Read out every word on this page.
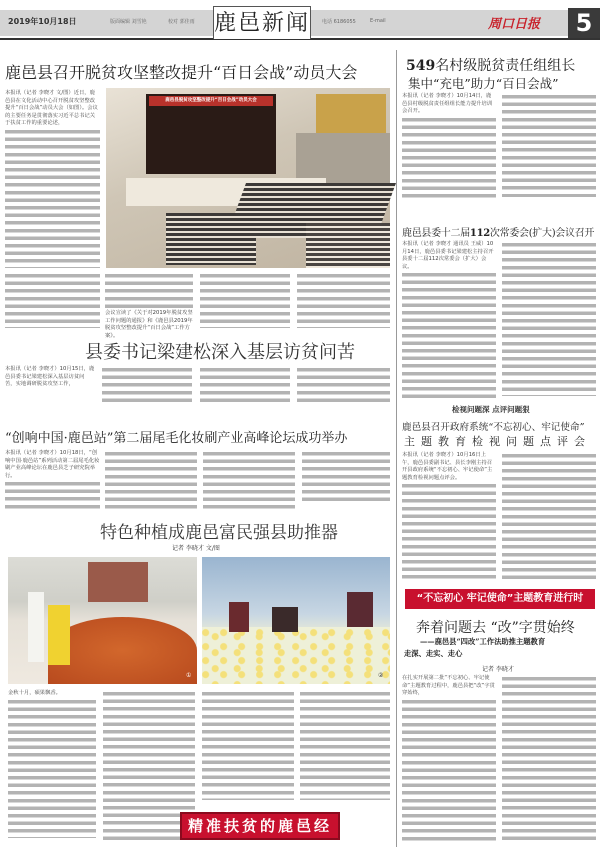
2019年10月18日	版面编辑 刘雪艳	校对 郭佳雨 鹿邑新闻 电话 6186055	E-mail	周口日报	5
鹿邑县召开脱贫攻坚整改提升“百日会战”动员大会
本报讯（记者 李晓才 文/图）近日，鹿邑县在文化活动中心召开脱贫攻坚整改提升“百日会战”动员大会（如图）。会议的主要任务是贯彻落实习近平总书记关于扶贫工作的重要论述，
鹿邑县脱贫攻坚整改提升“百日会战”动员大会
会议宣读了《关于对2019年脱贫攻坚工作问题的通报》和《鹿邑县2019年脱贫攻坚整改提升“百日会战”工作方案》。
县委书记梁建松深入基层访贫问苦
本报讯（记者 李晓才）10月15日，鹿邑县委书记梁建松深入基层访贫问苦，实地调研脱贫攻坚工作，
“创响中国·鹿邑站”第二届尾毛化妆刷产业高峰论坛成功举办
本报讯（记者 李晓才）10月18日，“创响中国·鹿邑站”系列活动第二届尾毛化妆刷产业高峰论坛在鹿邑县芝子研究院举行。
特色种植成鹿邑富民强县助推器
记者 李晓才 文/图
①	②
金秋十月，硕果飘香。
精准扶贫的鹿邑经验
549名村级脱贫责任组组长
集中“充电”助力“百日会战”
本报讯（记者 李晓才）10月14日，鹿邑县村级脱贫责任组组长能力提升培训会召开。
鹿邑县委十二届112次常委会(扩大)会议召开
本报讯（记者 李晓才 通讯员 王威）10月14日，鹿邑县委书记梁建松主持召开县委十二届112次常委会（扩大）会议。
检视问题深 点评问题狠
鹿邑县召开政府系统“不忘初心、牢记使命”
主题教育检视问题点评会
本报讯（记者 李晓才）10月16日上午，鹿邑县委副书记、县长李刚主持召开县政府系统“不忘初心、牢记使命”主题教育检视问题点评会。
“不忘初心 牢记使命”主题教育进行时
奔着问题去 “改”字贯始终
——鹿邑县“四改”工作法助推主题教育
走深、走实、走心
记者 李晓才
在扎实开展第二批“不忘初心、牢记使命”主题教育过程中，鹿邑县把“改”字贯穿始终，
